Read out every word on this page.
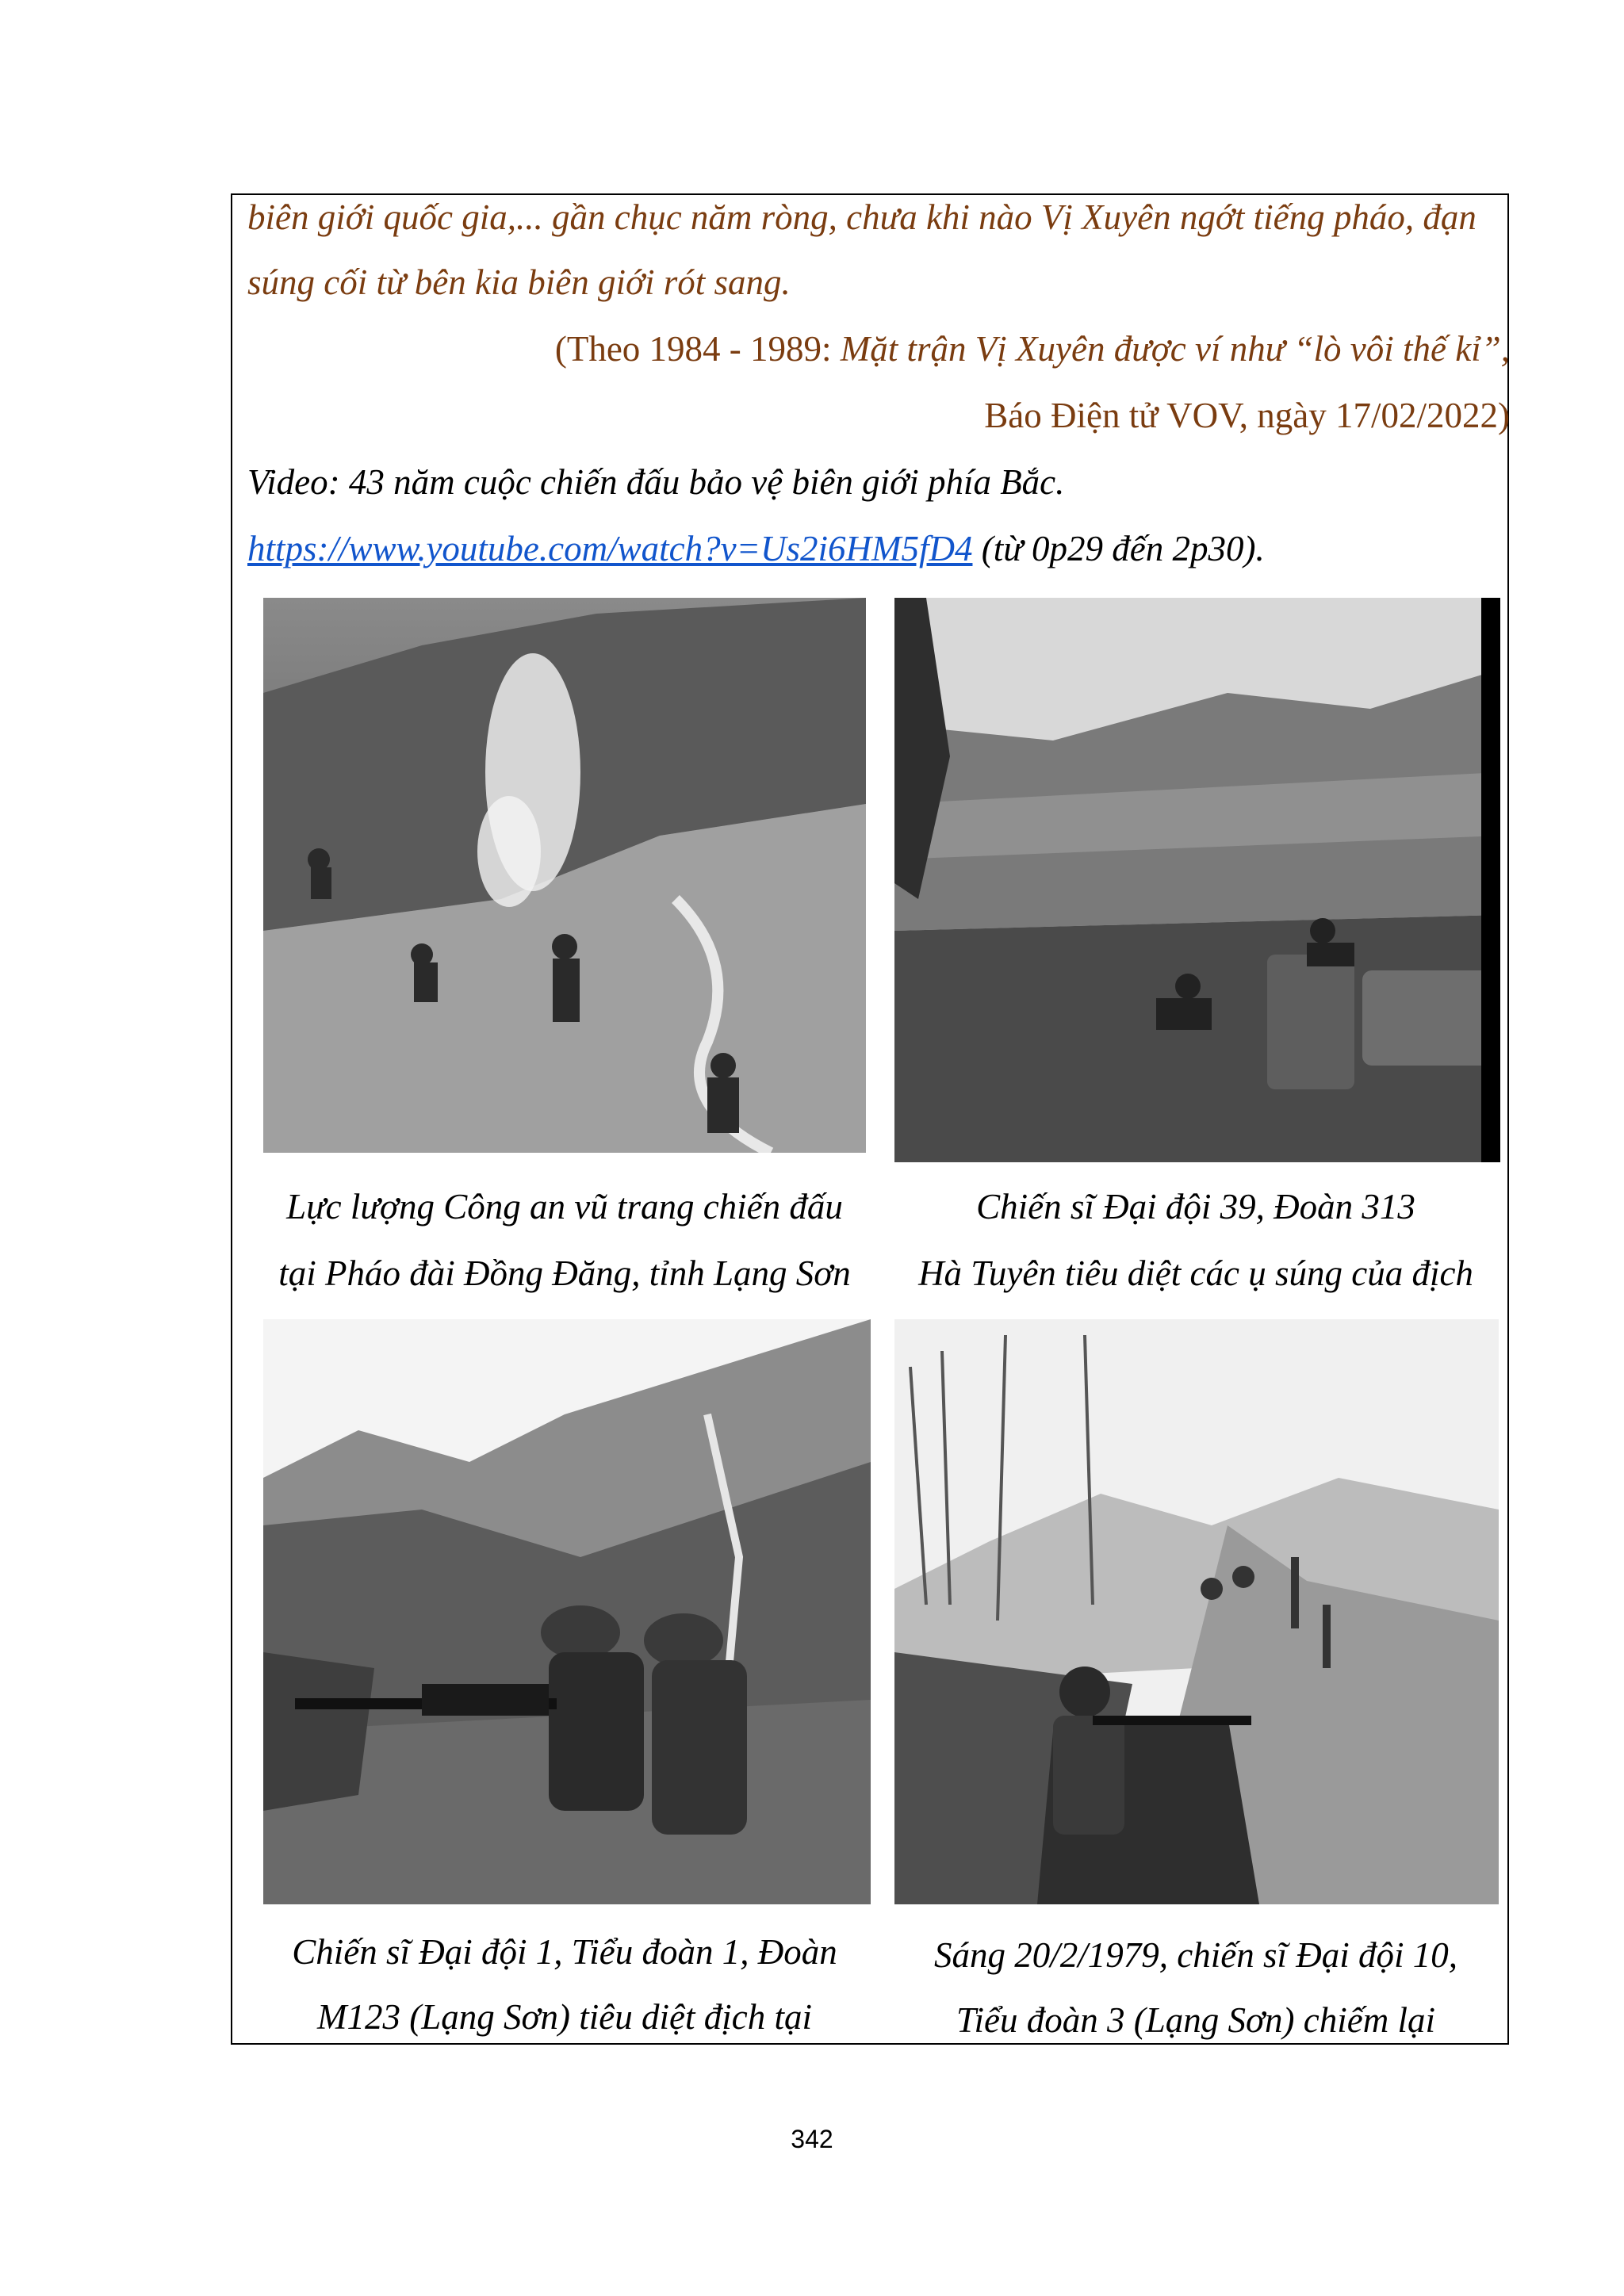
biên giới quốc gia,... gần chục năm ròng, chưa khi nào Vị Xuyên ngớt tiếng pháo, đạn
súng cối từ bên kia biên giới rót sang.
(Theo 1984 - 1989: Mặt trận Vị Xuyên được ví như “lò vôi thế kỉ”,
Báo Điện tử VOV, ngày 17/02/2022)
Video: 43 năm cuộc chiến đấu bảo vệ biên giới phía Bắc.
https://www.youtube.com/watch?v=Us2i6HM5fD4 (từ 0p29 đến 2p30).
Lực lượng Công an vũ trang chiến đấu
tại Pháo đài Đồng Đăng, tỉnh Lạng Sơn
Chiến sĩ Đại đội 39, Đoàn 313
Hà Tuyên tiêu diệt các ụ súng của địch
Chiến sĩ Đại đội 1, Tiểu đoàn 1, Đoàn
M123 (Lạng Sơn) tiêu diệt địch tại
Sáng 20/2/1979, chiến sĩ Đại đội 10,
Tiểu đoàn 3 (Lạng Sơn) chiếm lại
342
